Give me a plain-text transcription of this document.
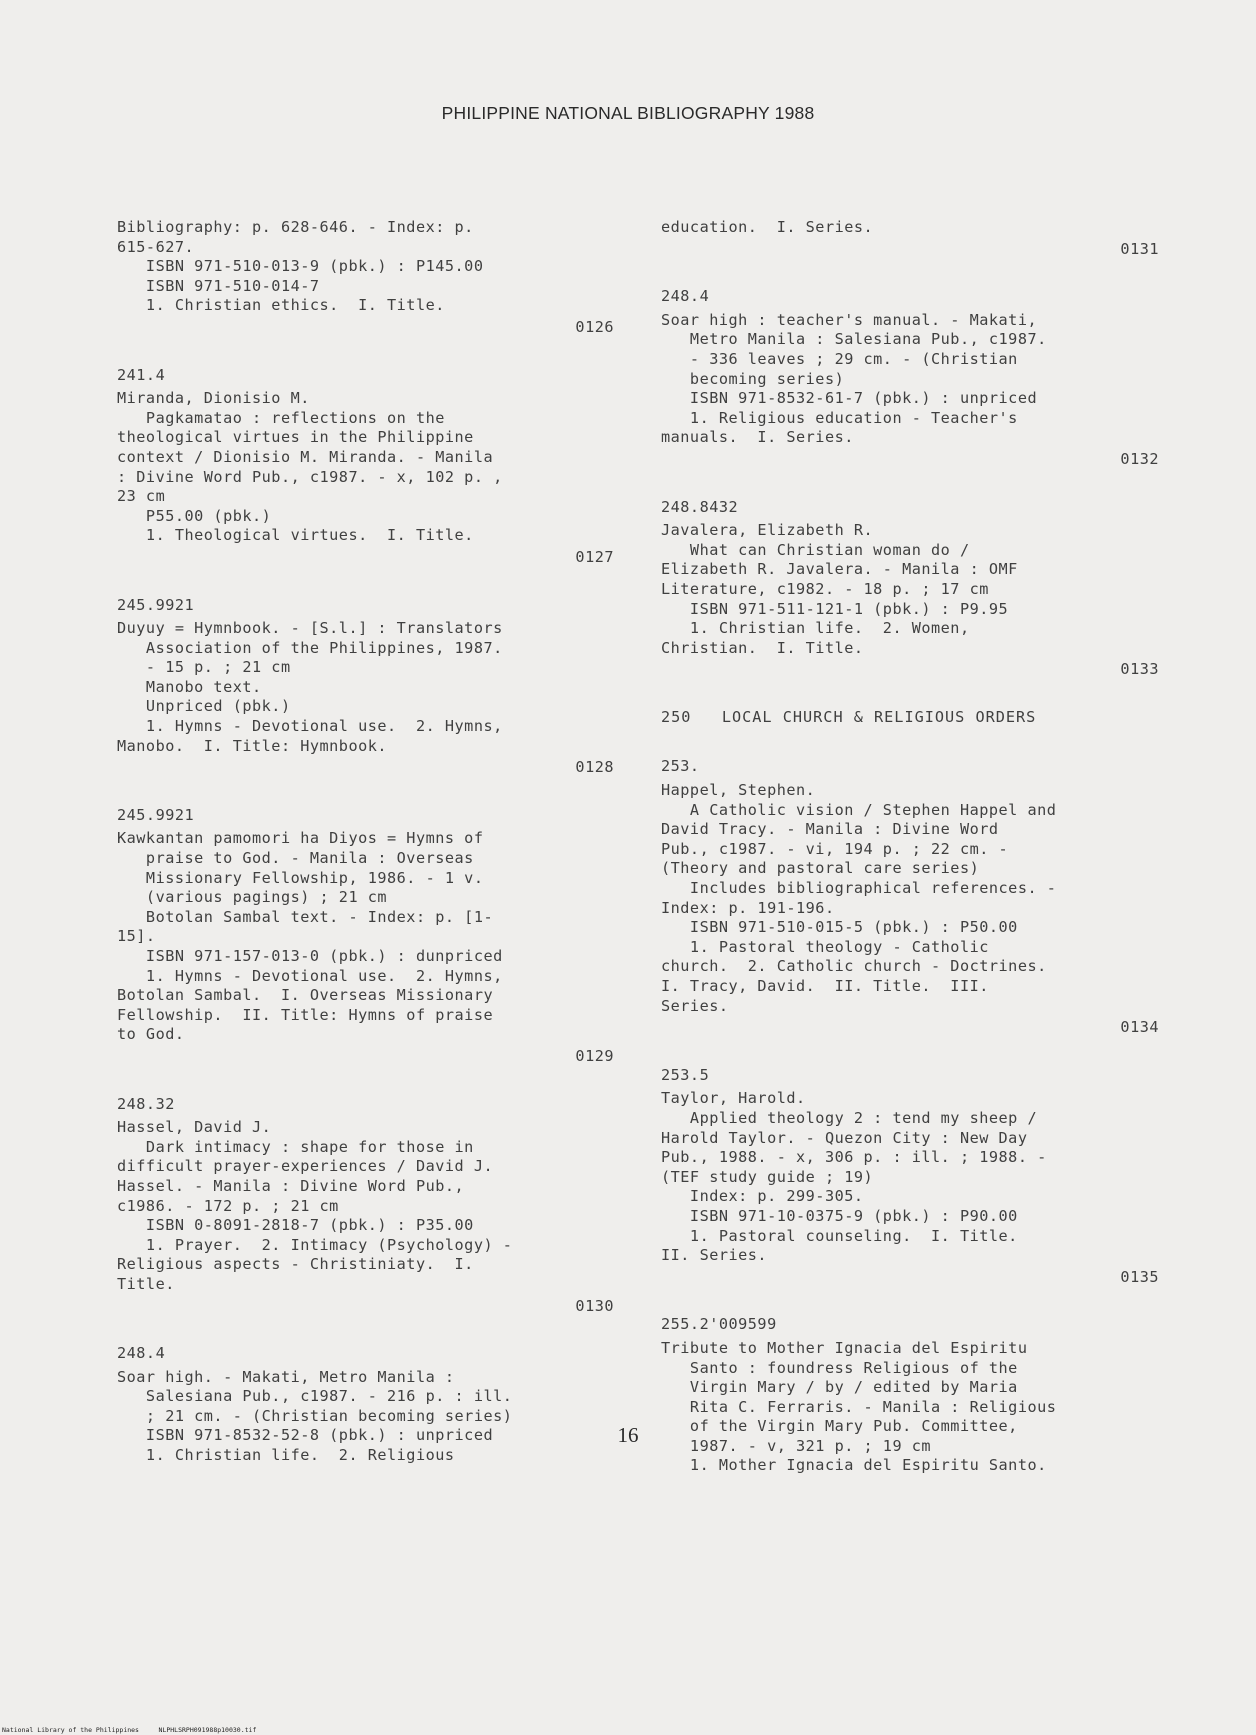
PHILIPPINE NATIONAL BIBLIOGRAPHY 1988
Bibliography: p. 628-646. - Index: p.
615-627.
ISBN 971-510-013-9 (pbk.) : P145.00
ISBN 971-510-014-7
1. Christian ethics.  I. Title.
0126
241.4
Miranda, Dionisio M.
Pagkamatao : reflections on the
theological virtues in the Philippine
context / Dionisio M. Miranda. - Manila
: Divine Word Pub., c1987. - x, 102 p. ,
23 cm
P55.00 (pbk.)
1. Theological virtues.  I. Title.
0127
245.9921
Duyuy = Hymnbook. - [S.l.] : Translators
Association of the Philippines, 1987.
- 15 p. ; 21 cm
Manobo text.
Unpriced (pbk.)
1. Hymns - Devotional use.  2. Hymns,
Manobo.  I. Title: Hymnbook.
0128
245.9921
Kawkantan pamomori ha Diyos = Hymns of
praise to God. - Manila : Overseas
Missionary Fellowship, 1986. - 1 v.
(various pagings) ; 21 cm
Botolan Sambal text. - Index: p. [1-
15].
ISBN 971-157-013-0 (pbk.) : dunpriced
1. Hymns - Devotional use.  2. Hymns,
Botolan Sambal.  I. Overseas Missionary
Fellowship.  II. Title: Hymns of praise
to God.
0129
248.32
Hassel, David J.
Dark intimacy : shape for those in
difficult prayer-experiences / David J.
Hassel. - Manila : Divine Word Pub.,
c1986. - 172 p. ; 21 cm
ISBN 0-8091-2818-7 (pbk.) : P35.00
1. Prayer.  2. Intimacy (Psychology) -
Religious aspects - Christiniaty.  I.
Title.
0130
248.4
Soar high. - Makati, Metro Manila :
Salesiana Pub., c1987. - 216 p. : ill.
; 21 cm. - (Christian becoming series)
ISBN 971-8532-52-8 (pbk.) : unpriced
1. Christian life.  2. Religious
education.  I. Series.
0131
248.4
Soar high : teacher's manual. - Makati,
Metro Manila : Salesiana Pub., c1987.
- 336 leaves ; 29 cm. - (Christian
becoming series)
ISBN 971-8532-61-7 (pbk.) : unpriced
1. Religious education - Teacher's
manuals.  I. Series.
0132
248.8432
Javalera, Elizabeth R.
What can Christian woman do /
Elizabeth R. Javalera. - Manila : OMF
Literature, c1982. - 18 p. ; 17 cm
ISBN 971-511-121-1 (pbk.) : P9.95
1. Christian life.  2. Women,
Christian.  I. Title.
0133
250   LOCAL CHURCH & RELIGIOUS ORDERS
253.
Happel, Stephen.
A Catholic vision / Stephen Happel and
David Tracy. - Manila : Divine Word
Pub., c1987. - vi, 194 p. ; 22 cm. -
(Theory and pastoral care series)
Includes bibliographical references. -
Index: p. 191-196.
ISBN 971-510-015-5 (pbk.) : P50.00
1. Pastoral theology - Catholic
church.  2. Catholic church - Doctrines.
I. Tracy, David.  II. Title.  III.
Series.
0134
253.5
Taylor, Harold.
Applied theology 2 : tend my sheep /
Harold Taylor. - Quezon City : New Day
Pub., 1988. - x, 306 p. : ill. ; 1988. -
(TEF study guide ; 19)
Index: p. 299-305.
ISBN 971-10-0375-9 (pbk.) : P90.00
1. Pastoral counseling.  I. Title.
II. Series.
0135
255.2'009599
Tribute to Mother Ignacia del Espiritu
Santo : foundress Religious of the
Virgin Mary / by / edited by Maria
Rita C. Ferraris. - Manila : Religious
of the Virgin Mary Pub. Committee,
1987. - v, 321 p. ; 19 cm
1. Mother Ignacia del Espiritu Santo.
16
National Library of the Philippines     NLPHLSRPH091988p10030.tif
